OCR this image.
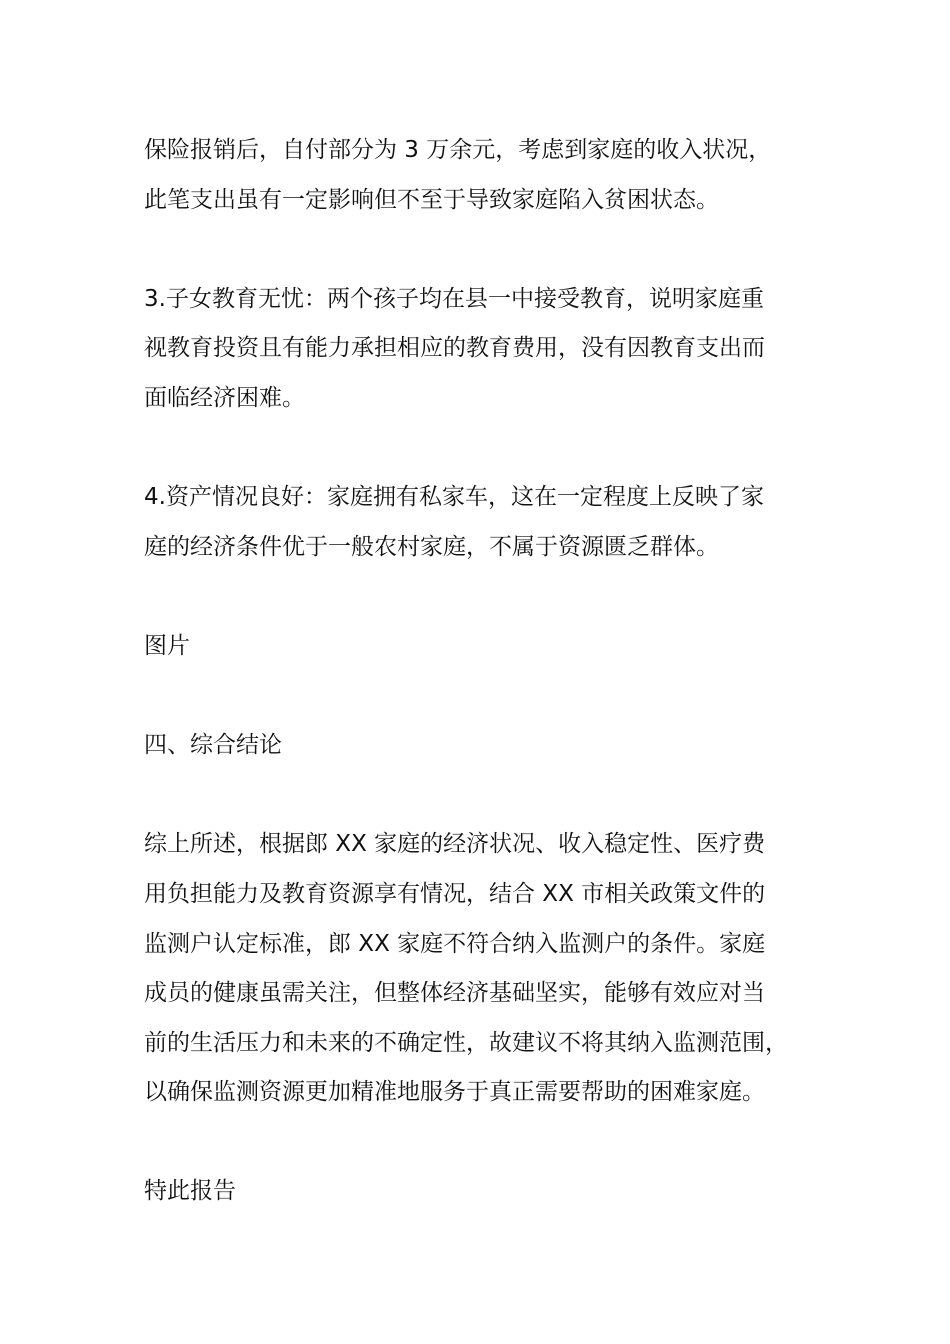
保险报销后，自付部分为 3 万余元，考虑到家庭的收入状况，
此笔支出虽有一定影响但不至于导致家庭陷入贫困状态。

3.子女教育无忧：两个孩子均在县一中接受教育，说明家庭重
视教育投资且有能力承担相应的教育费用，没有因教育支出而
面临经济困难。

4.资产情况良好：家庭拥有私家车，这在一定程度上反映了家
庭的经济条件优于一般农村家庭，不属于资源匮乏群体。

图片

四、综合结论

综上所述，根据郎 XX 家庭的经济状况、收入稳定性、医疗费
用负担能力及教育资源享有情况，结合 XX 市相关政策文件的
监测户认定标准，郎 XX 家庭不符合纳入监测户的条件。家庭
成员的健康虽需关注，但整体经济基础坚实，能够有效应对当
前的生活压力和未来的不确定性，故建议不将其纳入监测范围，
以确保监测资源更加精准地服务于真正需要帮助的困难家庭。

特此报告
